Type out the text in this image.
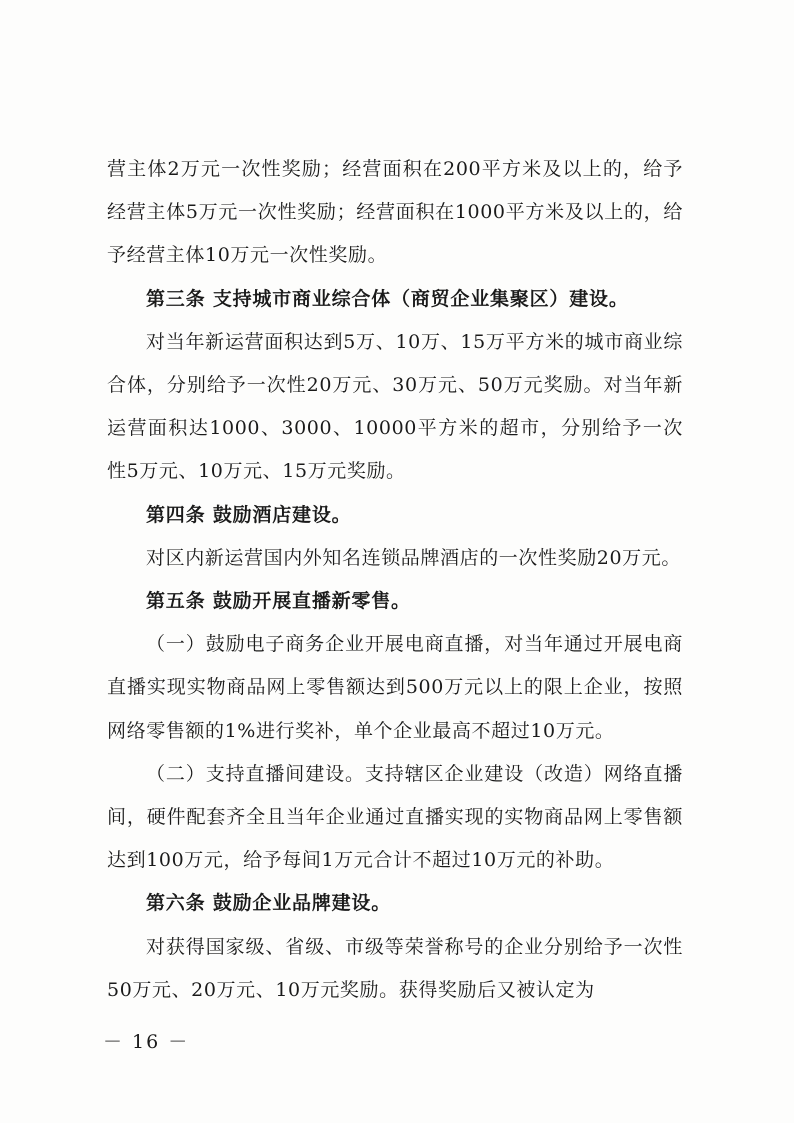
营主体2万元一次性奖励；经营面积在200平方米及以上的，给予经营主体5万元一次性奖励；经营面积在1000平方米及以上的，给予经营主体10万元一次性奖励。

第三条 支持城市商业综合体（商贸企业集聚区）建设。

对当年新运营面积达到5万、10万、15万平方米的城市商业综合体，分别给予一次性20万元、30万元、50万元奖励。对当年新运营面积达1000、3000、10000平方米的超市，分别给予一次性5万元、10万元、15万元奖励。

第四条 鼓励酒店建设。

对区内新运营国内外知名连锁品牌酒店的一次性奖励20万元。

第五条 鼓励开展直播新零售。

（一）鼓励电子商务企业开展电商直播，对当年通过开展电商直播实现实物商品网上零售额达到500万元以上的限上企业，按照网络零售额的1%进行奖补，单个企业最高不超过10万元。

（二）支持直播间建设。支持辖区企业建设（改造）网络直播间，硬件配套齐全且当年企业通过直播实现的实物商品网上零售额达到100万元，给予每间1万元合计不超过10万元的补助。

第六条 鼓励企业品牌建设。

对获得国家级、省级、市级等荣誉称号的企业分别给予一次性50万元、20万元、10万元奖励。获得奖励后又被认定为

－ 16 －
